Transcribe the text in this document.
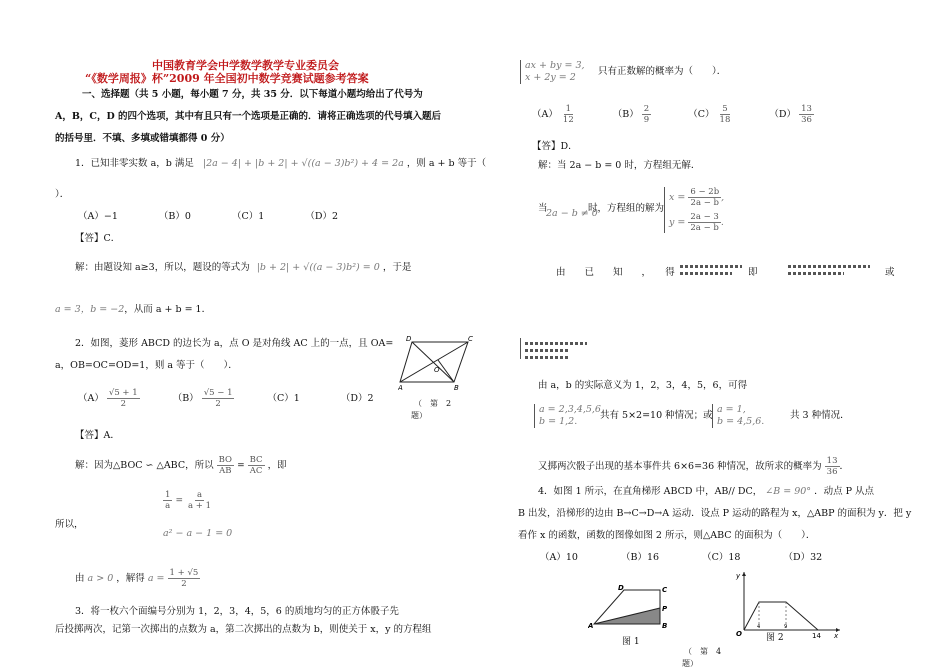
中国教育学会中学数学教学专业委员会
“《数学周报》杯”2009 年全国初中数学竞赛试题参考答案
一、选择题（共 5 小题，每小题 7 分，共 35 分．以下每道小题均给出了代号为
A，B，C，D 的四个选项，其中有且只有一个选项是正确的．请将正确选项的代号填入题后
的括号里．不填、多填或错填都得 0 分）
1．已知非零实数 a，b 满足 |2a − 4| + |b + 2| + √((a − 3)b²) + 4 = 2a ，则 a + b 等于（
）．
（A）−1	（B）0	（C）1	（D）2
【答】C．
解：由题设知 a≥3，所以，题设的等式为 |b + 2| + √((a − 3)b²) = 0 ，于是
a = 3，b = −2，从而 a + b = 1．
2．如图，菱形 ABCD 的边长为 a，点 O 是对角线 AC 上的一点，且 OA=
a，OB=OC=OD=1，则 a 等于（　　）．
D	C
O
A	B
（　第　2
题）
$(A) \frac{√5 + 1}{2}$	$(B) \frac{√5 - 1}{2}$	（C）1	（D）2
【答】A．
解：因为△BOC ∽ △ABC，所以 $\frac{BO}{AB} = \frac{BC}{AC}$ ，即
$\frac{1}{a} = \frac{a}{a + 1}$
所以，
a² − a − 1 = 0
由 a > 0 ，解得 $a = \frac{1 + √5}{2}$
3．将一枚六个面编号分别为 1，2，3，4，5，6 的质地均匀的正方体骰子先
后投掷两次，记第一次掷出的点数为 a，第二次掷出的点数为 b，则使关于 x，y 的方程组
ax + by = 3,
x + 2y = 2
只有正数解的概率为（　　）．
$(A) \frac{1}{12}$	$(B) \frac{2}{9}$	$(C) \frac{5}{18}$	$(D) \frac{13}{36}$
【答】D．
解：当 2a − b = 0 时，方程组无解．
当
2a − b ≠ 0
时，方程组的解为
$x = \frac{6 - 2b}{2a - b}$ ,
$y = \frac{2a - 3}{2a - b}$ .
由　　已　　知　　，　　得	即	或
由 a，b 的实际意义为 1，2，3，4，5，6，可得
a = 2,3,4,5,6,
b = 1,2.
共有 5×2=10 种情况；或
a = 1,
b = 4,5,6.
共 3 种情况．
又掷两次骰子出现的基本事件共 6×6=36 种情况，故所求的概率为 $\frac{13}{36}$ ．
4．如图 1 所示，在直角梯形 ABCD 中，AB// DC， ∠B = 90° ．动点 P 从点
B 出发，沿梯形的边由 B→C→D→A 运动．设点 P 运动的路程为 x，△ABP 的面积为 y．把 y
看作 x 的函数，函数的图像如图 2 所示，则△ABC 的面积为（　　）．
（A）10	（B）16	（C）18	（D）32
D	C
P
A	B
图 1
y
x
O
4	9
14
图 2
（　第　4
题）
